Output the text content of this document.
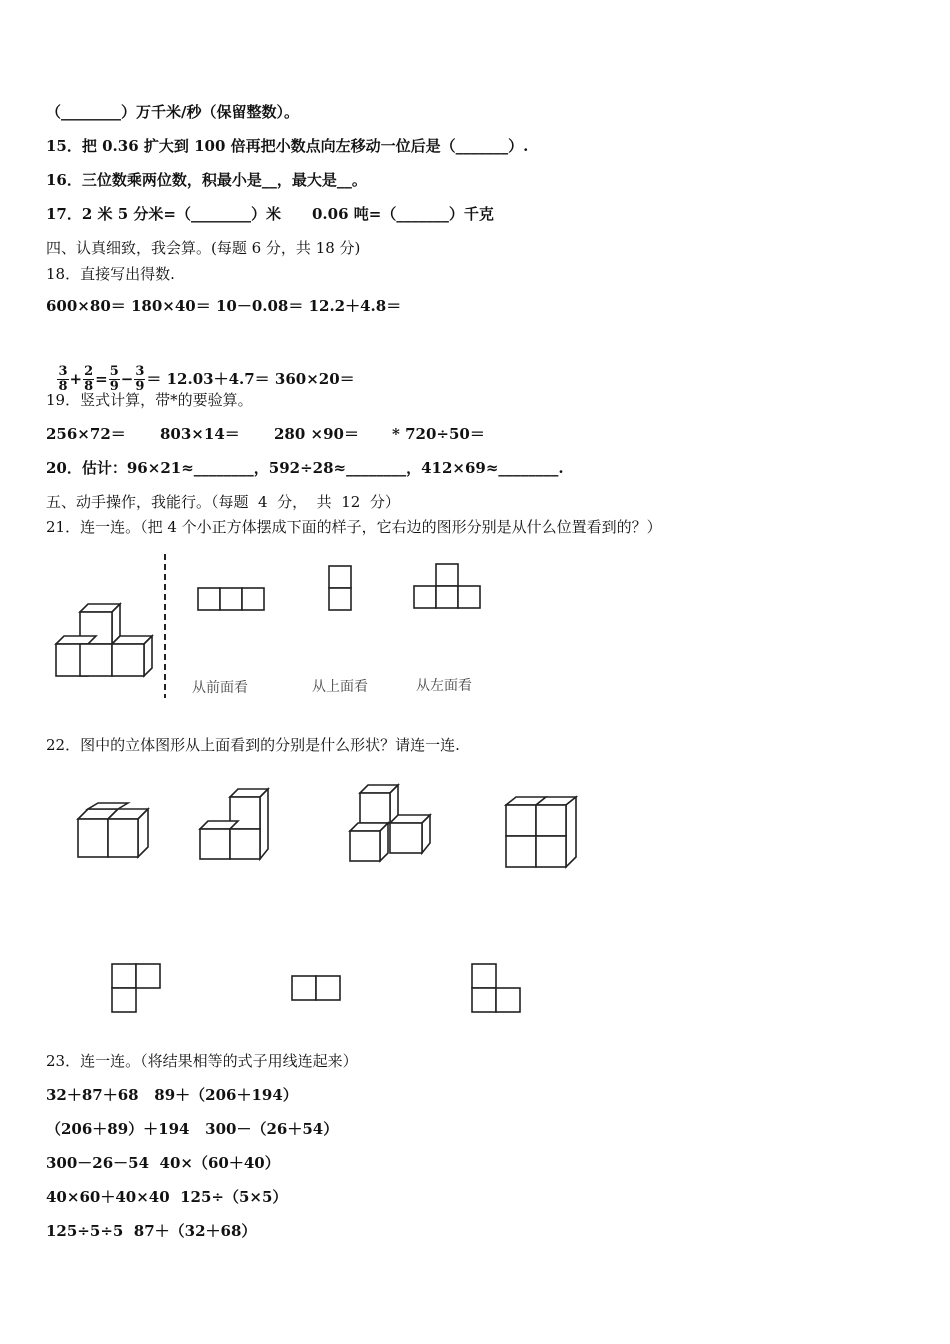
（________）万千米/秒（保留整数）。
15．把 0.36 扩大到 100 倍再把小数点向左移动一位后是（_______）.
16．三位数乘两位数，积最小是__，最大是__。
17．2 米 5 分米=（________）米 0.06 吨=（_______）千克
四、认真细致，我会算。(每题 6 分，共 18 分)
18．直接写出得数.
600×80＝ 180×40＝ 10－0.08＝ 12.2＋4.8＝

$\frac{3}{8} + \frac{2}{8} = \frac{5}{9} - \frac{3}{9} = 12.03+4.7= 360\times 20=$

19．竖式计算，带*的要验算。
256×72＝ 803×14＝ 280 ×90＝ * 720÷50＝
20．估计：96×21≈________，592÷28≈________，412×69≈________.
五、动手操作，我能行。（每题  4  分，  共  12  分）
21．连一连。（把 4 个小正方体摆成下面的样子，它右边的图形分别是从什么位置看到的？）
从前面看	从上面看	从左面看
22．图中的立体图形从上面看到的分别是什么形状？请连一连.
23．连一连。（将结果相等的式子用线连起来）
32＋87＋68   89＋（206＋194）
（206＋89）＋194   300－（26＋54）
300－26－54  40×（60＋40）
40×60＋40×40  125÷（5×5）
125÷5÷5  87＋（32＋68）
